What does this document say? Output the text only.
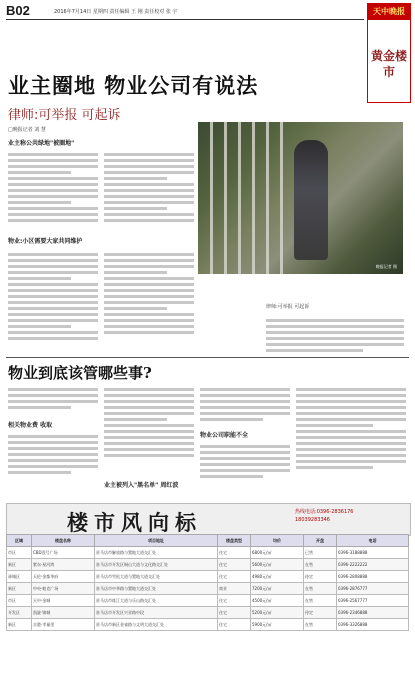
B02	2016年7月14日 星期四 责任编辑 王 刚 责任校对 张 宇	天中晚报
黄金楼市
业主圈地 物业公司有说法
律师:可举报 可起诉
□晚报记者 刘 慧
业主称公共绿地"被圈地"
物业:小区需要大家共同维护
晚报记者 摄
律师:可举报 可起诉
物业到底该管哪些事?
相关物业费 收取
业主被列入"黑名单" 周红波
物业公司职能不全
楼市风向标	热线电话:0396-2836176
18039283346
区域	楼盘名称	项目地址	楼盘类型	均价	开盘	电话
市区	CBD壹号广场	驻马店市解放路与置地大道交汇处	住宅	6800元/㎡	已售	0396-3188888
新区	紫东·星河湾	驻马店市开发区铜山大道与文化路交汇处	住宅	5600元/㎡	在售	0396-2222222
驿城区	天伦·金都华府	驻马店市雪松大道与置地大道交汇处	住宅	4980元/㎡	待定	0396-2808888
新区	中央·帕克广场	驻马店市中华路与置地大道交汇处	商业	7200元/㎡	在售	0396-2876777
市区	天中·金城	驻马店市练江大道与乐山路交汇处	住宅	4500元/㎡	在售	0396-2567777
开发区	凯旋·锦城	驻马店市开发区兴业路中段	住宅	5200元/㎡	待定	0396-2346888
新区	京港·幸福里	驻马店市新区金雀路与文明大道交汇处	住宅	5900元/㎡	在售	0396-3326888
